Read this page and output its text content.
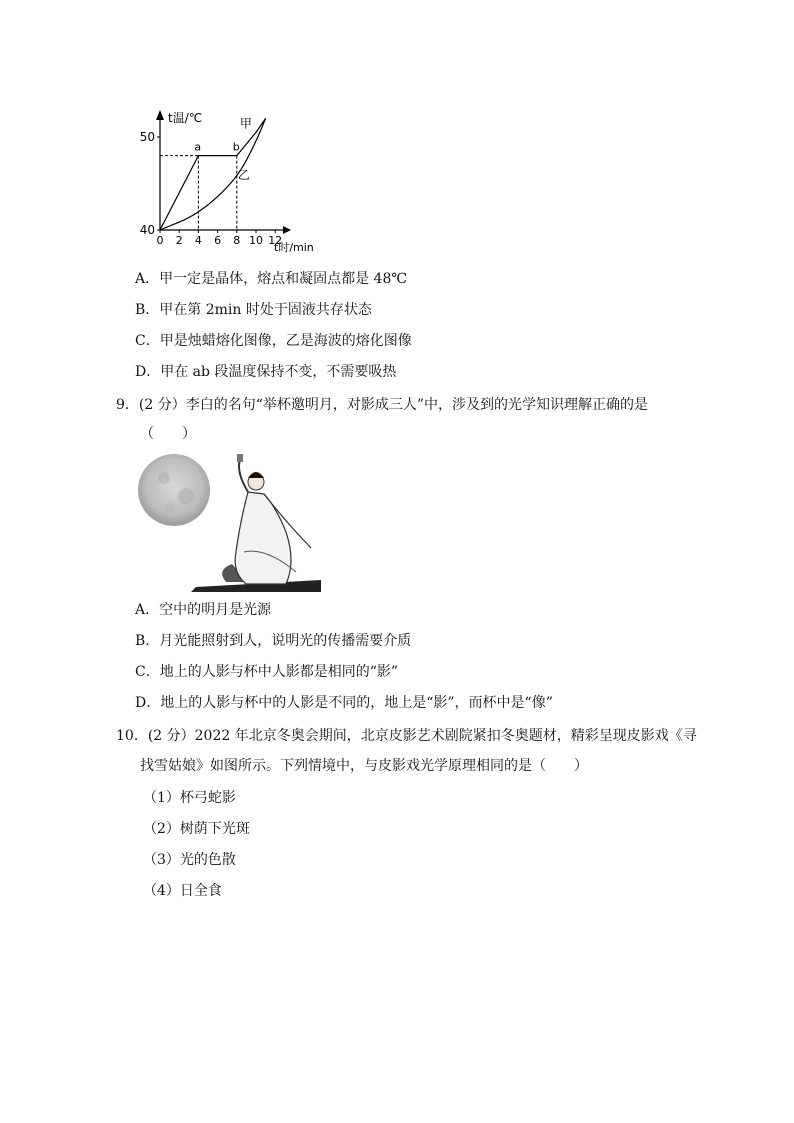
40
50
0 2 4 6 8 10 12
甲
乙
a	b
t温/℃
t时/min
A．甲一定是晶体，熔点和凝固点都是 48℃
B．甲在第 2min 时处于固液共存状态
C．甲是烛蜡熔化图像，乙是海波的熔化图像
D．甲在 ab 段温度保持不变，不需要吸热
9．(2 分）李白的名句“举杯邀明月，对影成三人”中，涉及到的光学知识理解正确的是
（　　）
A．空中的明月是光源
B．月光能照射到人，说明光的传播需要介质
C．地上的人影与杯中人影都是相同的“影”
D．地上的人影与杯中的人影是不同的，地上是“影”，而杯中是“像”
10．(2 分）2022 年北京冬奥会期间，北京皮影艺术剧院紧扣冬奥题材，精彩呈现皮影戏《寻
找雪姑娘》如图所示。下列情境中，与皮影戏光学原理相同的是（　　）
（1）杯弓蛇影
（2）树荫下光斑
（3）光的色散
（4）日全食
